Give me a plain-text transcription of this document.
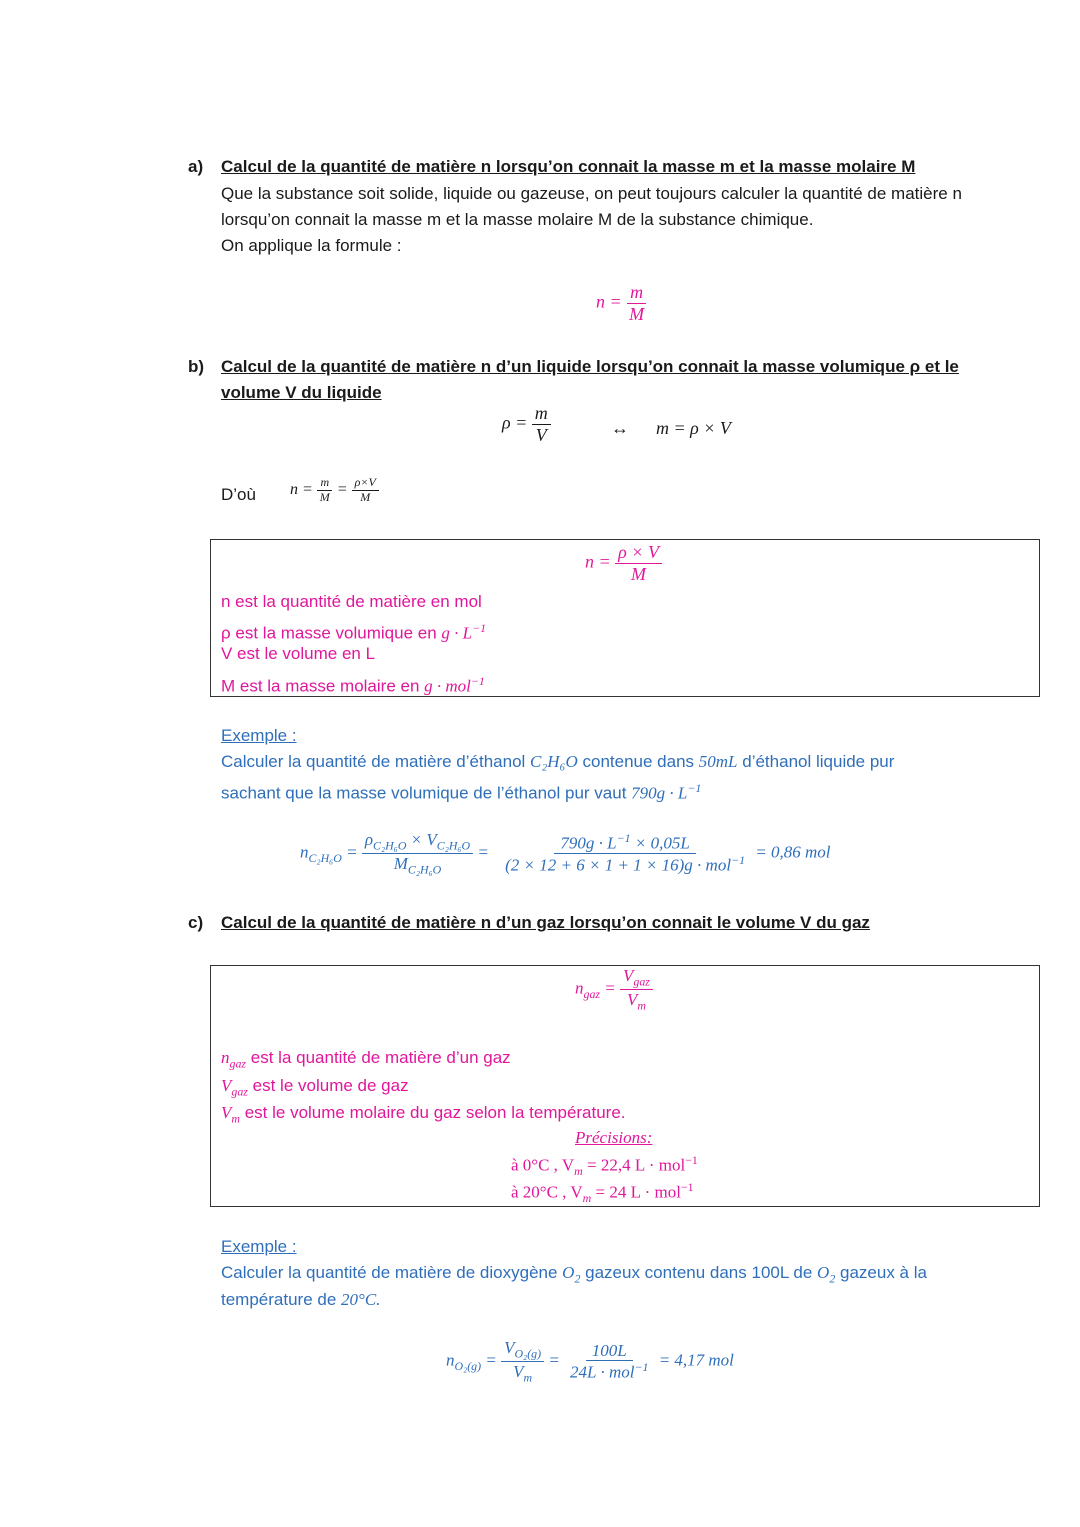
a) Calcul de la quantité de matière n lorsqu’on connait la masse m et la masse molaire M
Que la substance soit solide, liquide ou gazeuse, on peut toujours calculer la quantité de matière n
lorsqu’on connait la masse m et la masse molaire M de la substance chimique.
On applique la formule :
$n = \frac{m}{M}$
b) Calcul de la quantité de matière n d’un liquide lorsqu’on connait la masse volumique ρ et le
volume V du liquide
$\rho = \frac{m}{V}$	↔ m = ρ × V
D’où $n = \frac{m}{M} = \frac{\rho\times V}{M}$
$n = \frac{\rho \times V}{M}$
n est la quantité de matière en mol
ρ est la masse volumique en $g \cdot L^{-1}$
V est le volume en L
M est la masse molaire en g · mol$^{-1}$
Exemple :
Calculer la quantité de matière d’éthanol C₂H₆O contenue dans 50mL d’éthanol liquide pur
sachant que la masse volumique de l’éthanol pur vaut $790g \cdot L^{-1}$
$n_{C_2H_6O} = \frac{\rho_{C_2H_6O} \times V_{C_2H_6O}}{M_{C_2H_6O}} = \frac{790g \cdot L^{-1} \times 0,05L}{(2 \times 12 + 6 \times 1 + 1 \times 16)g \cdot mol^{-1}} = 0,86$ mol
c) Calcul de la quantité de matière n d’un gaz lorsqu’on connait le volume V du gaz
$n_{gaz} = \frac{V_{gaz}}{V_m}$
$n_{gaz}$ est la quantité de matière d’un gaz
$V_{gaz}$ est le volume de gaz
$V_m$ est le volume molaire du gaz selon la température.
Précisions:
à 0°C , $V_m = 22,4$ L · mol$^{-1}$
à 20°C , $V_m = 24$ L · mol$^{-1}$
Exemple :
Calculer la quantité de matière de dioxygène $O_2$ gazeux contenu dans 100L de $O_2$ gazeux à la
température de 20°C.
$n_{O_2(g)} = \frac{V_{O_2(g)}}{V_m} = \frac{100L}{24L \cdot mol^{-1}} = 4,17$ mol
